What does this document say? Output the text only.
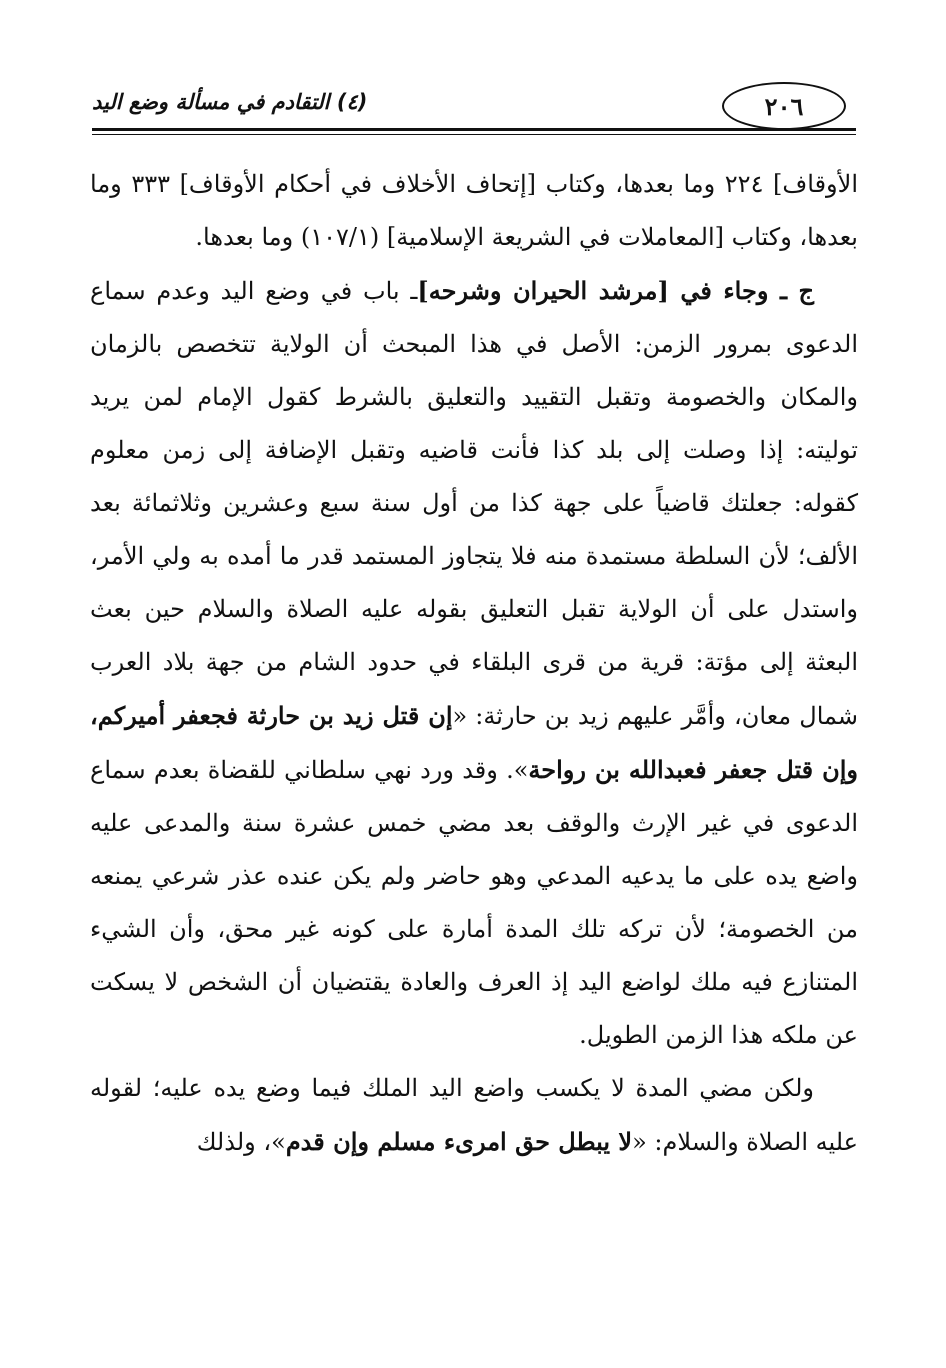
(٤) التقادم في مسألة وضع اليد	٢٠٦

الأوقاف] ٢٢٤ وما بعدها، وكتاب [إتحاف الأخلاف في أحكام الأوقاف] ٣٣٣ وما بعدها، وكتاب [المعاملات في الشريعة الإسلامية] (١٠٧/١) وما بعدها.

ج ـ وجاء في [مرشد الحيران وشرحه]ـ باب في وضع اليد وعدم سماع الدعوى بمرور الزمن: الأصل في هذا المبحث أن الولاية تتخصص بالزمان والمكان والخصومة وتقبل التقييد والتعليق بالشرط كقول الإمام لمن يريد توليته: إذا وصلت إلى بلد كذا فأنت قاضيه وتقبل الإضافة إلى زمن معلوم كقوله: جعلتك قاضياً على جهة كذا من أول سنة سبع وعشرين وثلاثمائة بعد الألف؛ لأن السلطة مستمدة منه فلا يتجاوز المستمد قدر ما أمده به ولي الأمر، واستدل على أن الولاية تقبل التعليق بقوله عليه الصلاة والسلام حين بعث البعثة إلى مؤتة: قرية من قرى البلقاء في حدود الشام من جهة بلاد العرب شمال معان، وأمَّر عليهم زيد بن حارثة: «إن قتل زيد بن حارثة فجعفر أميركم، وإن قتل جعفر فعبدالله بن رواحة». وقد ورد نهي سلطاني للقضاة بعدم سماع الدعوى في غير الإرث والوقف بعد مضي خمس عشرة سنة والمدعى عليه واضع يده على ما يدعيه المدعي وهو حاضر ولم يكن عنده عذر شرعي يمنعه من الخصومة؛ لأن تركه تلك المدة أمارة على كونه غير محق، وأن الشيء المتنازع فيه ملك لواضع اليد إذ العرف والعادة يقتضيان أن الشخص لا يسكت عن ملكه هذا الزمن الطويل.

ولكن مضي المدة لا يكسب واضع اليد الملك فيما وضع يده عليه؛ لقوله عليه الصلاة والسلام: «لا يبطل حق امرىء مسلم وإن قدم»، ولذلك
